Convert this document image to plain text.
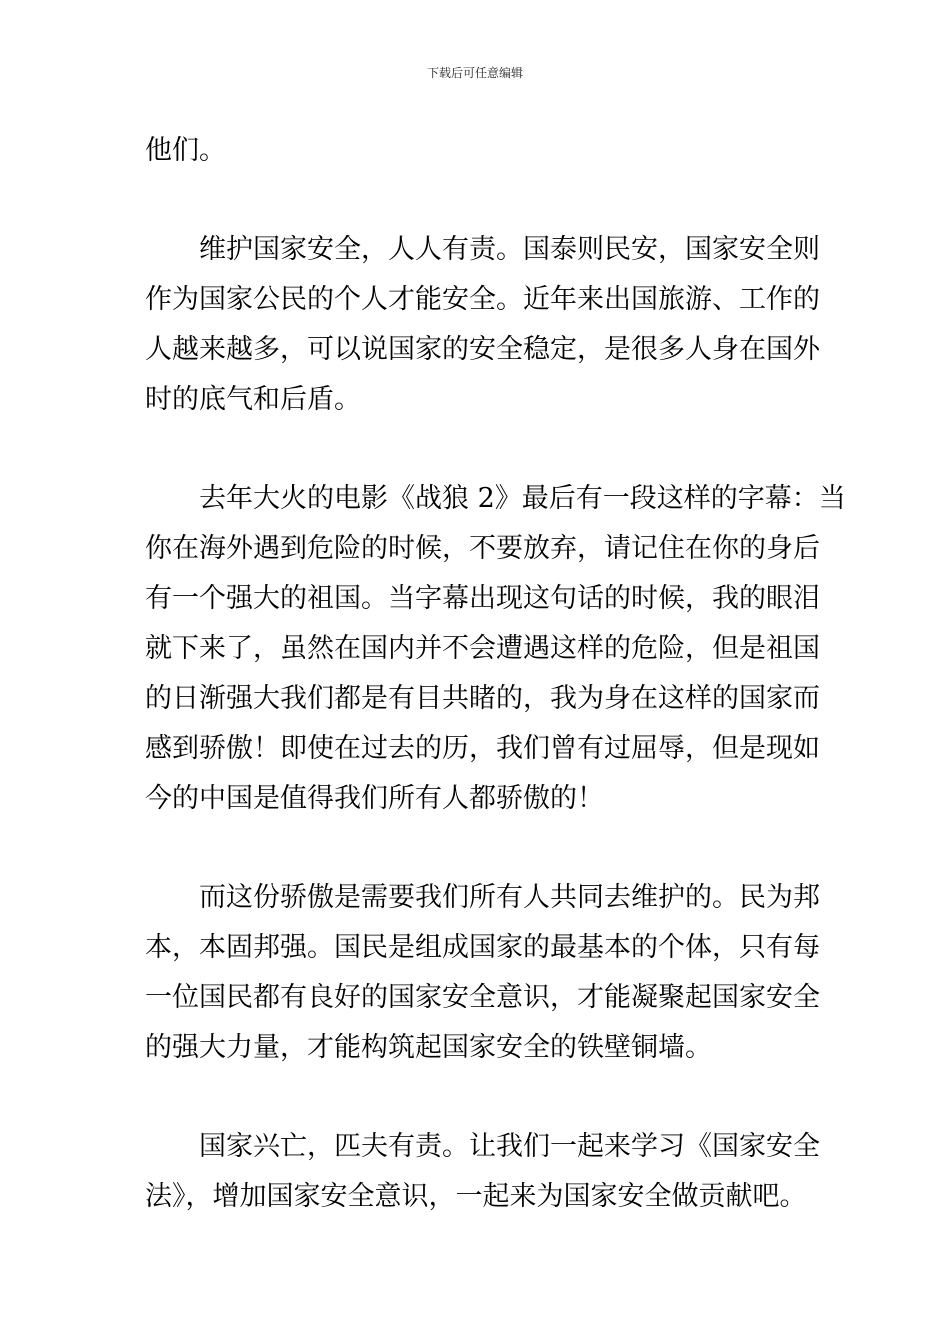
下载后可任意编辑

他们。

维护国家安全，人人有责。国泰则民安，国家安全则
作为国家公民的个人才能安全。近年来出国旅游、工作的
人越来越多，可以说国家的安全稳定，是很多人身在国外
时的底气和后盾。

去年大火的电影《战狼 2》最后有一段这样的字幕：当
你在海外遇到危险的时候，不要放弃，请记住在你的身后
有一个强大的祖国。当字幕出现这句话的时候，我的眼泪
就下来了，虽然在国内并不会遭遇这样的危险，但是祖国
的日渐强大我们都是有目共睹的，我为身在这样的国家而
感到骄傲！即使在过去的历，我们曾有过屈辱，但是现如
今的中国是值得我们所有人都骄傲的！

而这份骄傲是需要我们所有人共同去维护的。民为邦
本，本固邦强。国民是组成国家的最基本的个体，只有每
一位国民都有良好的国家安全意识，才能凝聚起国家安全
的强大力量，才能构筑起国家安全的铁壁铜墙。

国家兴亡，匹夫有责。让我们一起来学习《国家安全
法》，增加国家安全意识，一起来为国家安全做贡献吧。
